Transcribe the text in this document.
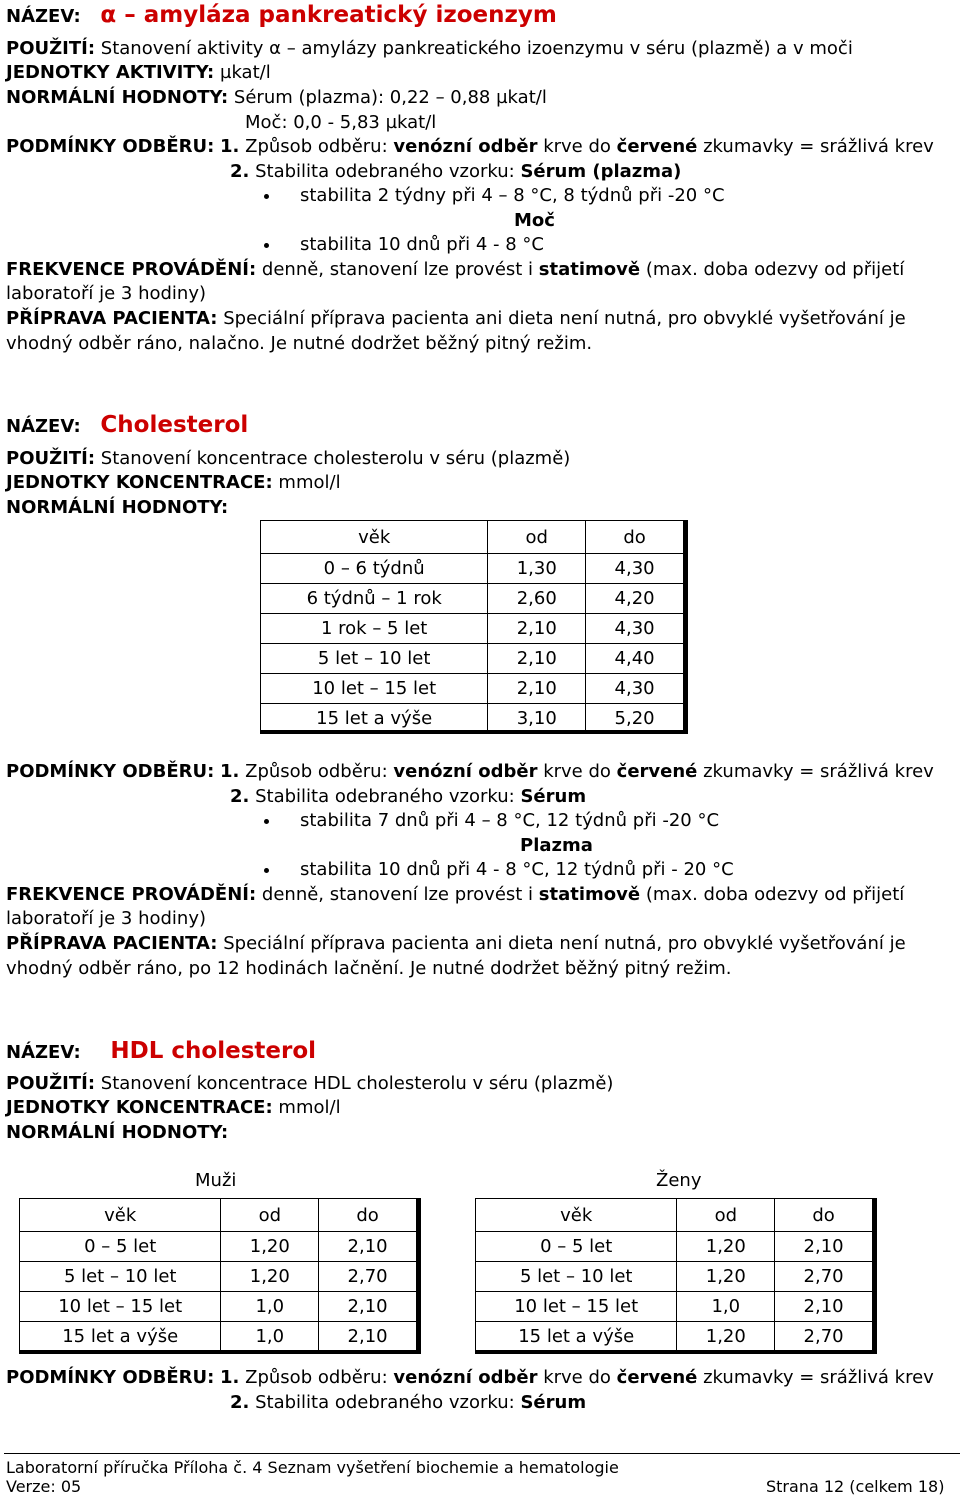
NÁZEV: α – amyláza pankreatický izoenzym
POUŽITÍ: Stanovení aktivity α – amylázy pankreatického izoenzymu v séru (plazmě) a v moči
JEDNOTKY AKTIVITY: µkat/l
NORMÁLNÍ HODNOTY: Sérum (plazma): 0,22 – 0,88 µkat/l
Moč: 0,0 - 5,83 µkat/l
PODMÍNKY ODBĚRU: 1. Způsob odběru: venózní odběr krve do červené zkumavky = srážlivá krev
2. Stabilita odebraného vzorku: Sérum (plazma)
stabilita 2 týdny při 4 – 8 °C, 8 týdnů při -20 °C
Moč
stabilita 10 dnů při 4 - 8 °C
FREKVENCE PROVÁDĚNÍ: denně, stanovení lze provést i statimově (max. doba odezvy od přijetí
laboratoří je 3 hodiny)
PŘÍPRAVA PACIENTA: Speciální příprava pacienta ani dieta není nutná, pro obvyklé vyšetřování je
vhodný odběr ráno, nalačno. Je nutné dodržet běžný pitný režim.
NÁZEV: Cholesterol
POUŽITÍ: Stanovení koncentrace cholesterolu v séru (plazmě)
JEDNOTKY KONCENTRACE: mmol/l
NORMÁLNÍ HODNOTY:
věk	od	do
0 – 6 týdnů	1,30	4,30
6 týdnů – 1 rok	2,60	4,20
1 rok – 5 let	2,10	4,30
5 let – 10 let	2,10	4,40
10 let – 15 let	2,10	4,30
15 let a výše	3,10	5,20
PODMÍNKY ODBĚRU: 1. Způsob odběru: venózní odběr krve do červené zkumavky = srážlivá krev
2. Stabilita odebraného vzorku: Sérum
stabilita 7 dnů při 4 – 8 °C, 12 týdnů při -20 °C
Plazma
stabilita 10 dnů při 4 - 8 °C, 12 týdnů při - 20 °C
FREKVENCE PROVÁDĚNÍ: denně, stanovení lze provést i statimově (max. doba odezvy od přijetí
laboratoří je 3 hodiny)
PŘÍPRAVA PACIENTA: Speciální příprava pacienta ani dieta není nutná, pro obvyklé vyšetřování je
vhodný odběr ráno, po 12 hodinách lačnění. Je nutné dodržet běžný pitný režim.
NÁZEV: HDL cholesterol
POUŽITÍ: Stanovení koncentrace HDL cholesterolu v séru (plazmě)
JEDNOTKY KONCENTRACE: mmol/l
NORMÁLNÍ HODNOTY:
Muži	Ženy
věk	od	do
0 – 5 let	1,20	2,10
5 let – 10 let	1,20	2,70
10 let – 15 let	1,0	2,10
15 let a výše	1,0	2,10
věk	od	do
0 – 5 let	1,20	2,10
5 let – 10 let	1,20	2,70
10 let – 15 let	1,0	2,10
15 let a výše	1,20	2,70
PODMÍNKY ODBĚRU: 1. Způsob odběru: venózní odběr krve do červené zkumavky = srážlivá krev
2. Stabilita odebraného vzorku: Sérum
Laboratorní příručka Příloha č. 4 Seznam vyšetření biochemie a hematologie
Verze: 05	Strana 12 (celkem 18)
